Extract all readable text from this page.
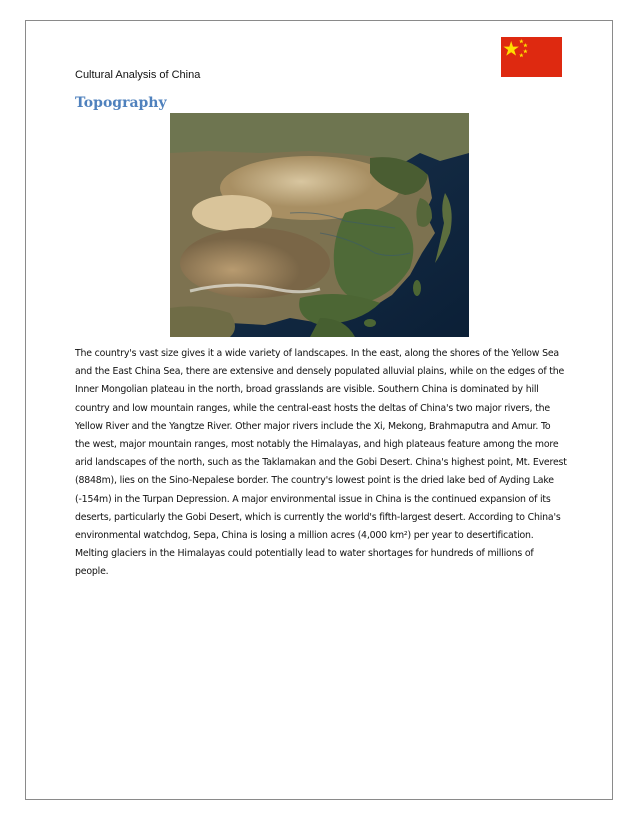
Cultural Analysis of China
Topography

The country's vast size gives it a wide variety of landscapes. In the east, along the shores of the Yellow Sea and the East China Sea, there are extensive and densely populated alluvial plains, while on the edges of the Inner Mongolian plateau in the north, broad grasslands are visible. Southern China is dominated by hill country and low mountain ranges, while the central-east hosts the deltas of China's two major rivers, the Yellow River and the Yangtze River. Other major rivers include the Xi, Mekong, Brahmaputra and Amur. To the west, major mountain ranges, most notably the Himalayas, and high plateaus feature among the more arid landscapes of the north, such as the Taklamakan and the Gobi Desert. China's highest point, Mt. Everest (8848m), lies on the Sino-Nepalese border. The country's lowest point is the dried lake bed of Ayding Lake (-154m) in the Turpan Depression. A major environmental issue in China is the continued expansion of its deserts, particularly the Gobi Desert, which is currently the world's fifth-largest desert. According to China's environmental watchdog, Sepa, China is losing a million acres (4,000 km²) per year to desertification. Melting glaciers in the Himalayas could potentially lead to water shortages for hundreds of millions of people.
